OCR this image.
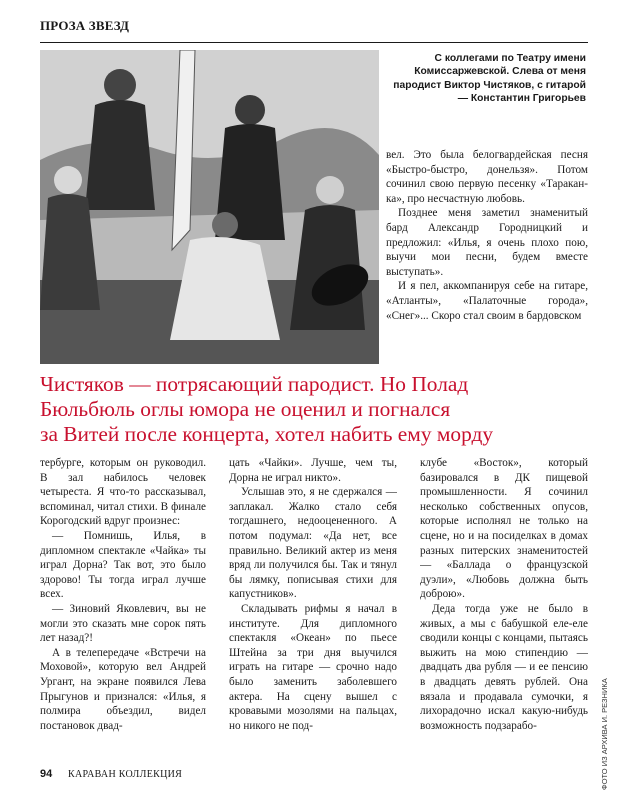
ПРОЗА ЗВЕЗД
С коллегами по Театру имени Комиссаржевской. Слева от меня пародист Виктор Чистяков, с гитарой — Константин Григорьев

вел. Это была белогвардейская песня «Быстро-быстро, донельзя». Потом сочинил свою первую песенку «Тараканка», про несчастную любовь.

Позднее меня заметил знаменитый бард Александр Городницкий и предложил: «Илья, я очень плохо пою, выучи мои песни, будем вместе выступать».

И я пел, аккомпанируя себе на гитаре, «Атланты», «Палаточные города», «Снег»... Скоро стал своим в бардовском

Чистяков — потрясающий пародист. Но Полад
Бюльбюль оглы юмора не оценил и погнался
за Витей после концерта, хотел набить ему морду

тербурге, которым он руководил. В зал набилось человек четыреста. Я что-то рассказывал, вспоминал, читал стихи. В финале Корогодский вдруг произнес:

— Помнишь, Илья, в дипломном спектакле «Чайка» ты играл Дорна? Так вот, это было здорово! Ты тогда играл лучше всех.

— Зиновий Яковлевич, вы не могли это сказать мне сорок пять лет назад?!

А в телепередаче «Встречи на Моховой», которую вел Андрей Ургант, на экране появился Лева Прыгунов и признался: «Илья, я полмира объездил, видел постановок двад-

цать «Чайки». Лучше, чем ты, Дорна не играл никто».

Услышав это, я не сдержался — заплакал. Жалко стало себя тогдашнего, недооцененного. А потом подумал: «Да нет, все правильно. Великий актер из меня вряд ли получился бы. Так и тянул бы лямку, пописывая стихи для капустников».

Складывать рифмы я начал в институте. Для дипломного спектакля «Океан» по пьесе Штейна за три дня выучился играть на гитаре — срочно надо было заменить заболевшего актера. На сцену вышел с кровавыми мозолями на пальцах, но никого не под-

клубе «Восток», который базировался в ДК пищевой промышленности. Я сочинил несколько собственных опусов, которые исполнял не только на сцене, но и на посиделках в домах разных питерских знаменитостей — «Баллада о французской дуэли», «Любовь должна быть доброю».

Деда тогда уже не было в живых, а мы с бабушкой еле-еле сводили концы с концами, пытаясь выжить на мою стипендию — двадцать два рубля — и ее пенсию в двадцать девять рублей. Она вязала и продавала сумочки, я лихорадочно искал какую-нибудь возможность подзарабо-

94 КАРАВАН КОЛЛЕКЦИЯ	ФОТО ИЗ АРХИВА И. РЕЗНИКА
